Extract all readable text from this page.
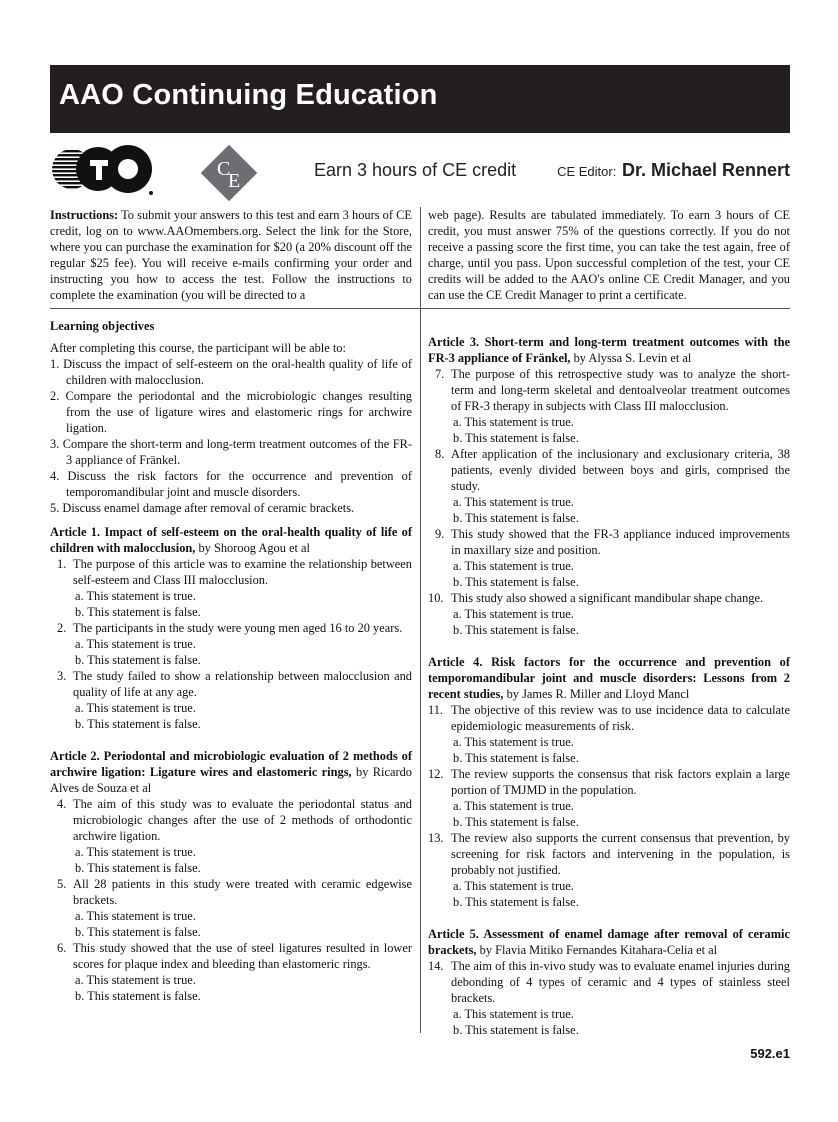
AAO Continuing Education
C
E	Earn 3 hours of CE credit	CE Editor: Dr. Michael Rennert

Instructions: To submit your answers to this test and earn 3 hours of CE credit, log on to www.AAOmembers.org. Select the link for the Store, where you can purchase the examination for $20 (a 20% discount off the regular $25 fee). You will receive e-mails confirming your order and instructing you how to access the test. Follow the instructions to complete the examination (you will be directed to a

web page). Results are tabulated immediately. To earn 3 hours of CE credit, you must answer 75% of the questions correctly. If you do not receive a passing score the first time, you can take the test again, free of charge, until you pass. Upon successful completion of the test, your CE credits will be added to the AAO's online CE Credit Manager, and you can use the CE Credit Manager to print a certificate.

Learning objectives

After completing this course, the participant will be able to:

1. Discuss the impact of self-esteem on the oral-health quality of life of children with malocclusion.

2. Compare the periodontal and the microbiologic changes resulting from the use of ligature wires and elastomeric rings for archwire ligation.

3. Compare the short-term and long-term treatment outcomes of the FR-3 appliance of Fränkel.

4. Discuss the risk factors for the occurrence and prevention of temporomandibular joint and muscle disorders.

5. Discuss enamel damage after removal of ceramic brackets.

Article 1. Impact of self-esteem on the oral-health quality of life of children with malocclusion, by Shoroog Agou et al

1. The purpose of this article was to examine the relationship between self-esteem and Class III malocclusion.

a. This statement is true.

b. This statement is false.

2. The participants in the study were young men aged 16 to 20 years.

a. This statement is true.

b. This statement is false.

3. The study failed to show a relationship between malocclusion and quality of life at any age.

a. This statement is true.

b. This statement is false.

Article 2. Periodontal and microbiologic evaluation of 2 methods of archwire ligation: Ligature wires and elastomeric rings, by Ricardo Alves de Souza et al

4. The aim of this study was to evaluate the periodontal status and microbiologic changes after the use of 2 methods of orthodontic archwire ligation.

a. This statement is true.

b. This statement is false.

5. All 28 patients in this study were treated with ceramic edgewise brackets.

a. This statement is true.

b. This statement is false.

6. This study showed that the use of steel ligatures resulted in lower scores for plaque index and bleeding than elastomeric rings.

a. This statement is true.

b. This statement is false.

Article 3. Short-term and long-term treatment outcomes with the FR-3 appliance of Fränkel, by Alyssa S. Levin et al

7. The purpose of this retrospective study was to analyze the short-term and long-term skeletal and dentoalveolar treatment outcomes of FR-3 therapy in subjects with Class III malocclusion.

a. This statement is true.

b. This statement is false.

8. After application of the inclusionary and exclusionary criteria, 38 patients, evenly divided between boys and girls, comprised the study.

a. This statement is true.

b. This statement is false.

9. This study showed that the FR-3 appliance induced improvements in maxillary size and position.

a. This statement is true.

b. This statement is false.

10. This study also showed a significant mandibular shape change.

a. This statement is true.

b. This statement is false.

Article 4. Risk factors for the occurrence and prevention of temporomandibular joint and muscle disorders: Lessons from 2 recent studies, by James R. Miller and Lloyd Mancl

11. The objective of this review was to use incidence data to calculate epidemiologic measurements of risk.

a. This statement is true.

b. This statement is false.

12. The review supports the consensus that risk factors explain a large portion of TMJMD in the population.

a. This statement is true.

b. This statement is false.

13. The review also supports the current consensus that prevention, by screening for risk factors and intervening in the population, is probably not justified.

a. This statement is true.

b. This statement is false.

Article 5. Assessment of enamel damage after removal of ceramic brackets, by Flavia Mitiko Fernandes Kitahara-Celia et al

14. The aim of this in-vivo study was to evaluate enamel injuries during debonding of 4 types of ceramic and 4 types of stainless steel brackets.

a. This statement is true.

b. This statement is false.

592.e1
